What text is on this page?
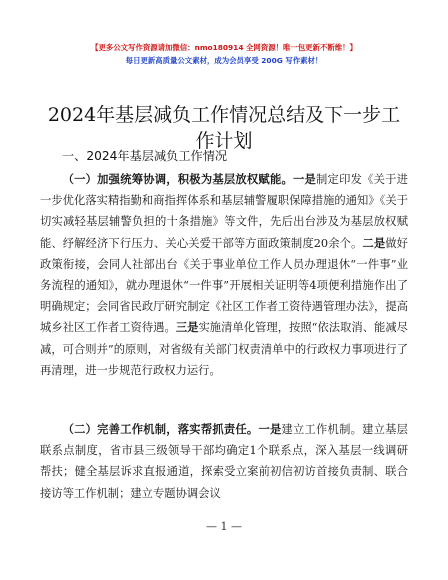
【更多公文写作资源请加微信：nmo180914 全网资源！唯一包更新不断维！】
每日更新高质量公文素材，成为会员享受 200G 写作素材！
2024年基层减负工作情况总结及下一步工作计划
一、2024年基层减负工作情况

（一）加强统筹协调，积极为基层放权赋能。一是制定印发《关于进一步优化落实精指勤和商指挥体系和基层辅警履职保障措施的通知》《关于切实减轻基层辅警负担的十条措施》等文件，先后出台涉及为基层放权赋能、纾解经济下行压力、关心关爱干部等方面政策制度20余个。二是做好政策衔接，会同人社部出台《关于事业单位工作人员办理退休“一件事”业务流程的通知》，就办理退休“一件事”开展相关证明等4项便利措施作出了明确规定；会同省民政厅研究制定《社区工作者工资待遇管理办法》，提高城乡社区工作者工资待遇。三是实施清单化管理，按照“依法取消、能减尽减，可合则并”的原则，对省级有关部门权责清单中的行政权力事项进行了再清理，进一步规范行政权力运行。

（二）完善工作机制，落实帮抓责任。一是建立工作机制。建立基层联系点制度，省市县三级领导干部均确定1个联系点，深入基层一线调研帮扶；健全基层诉求直报通道，探索受立案前初信初访首接负责制、联合接访等工作机制；建立专题协调会议

— 1 —
